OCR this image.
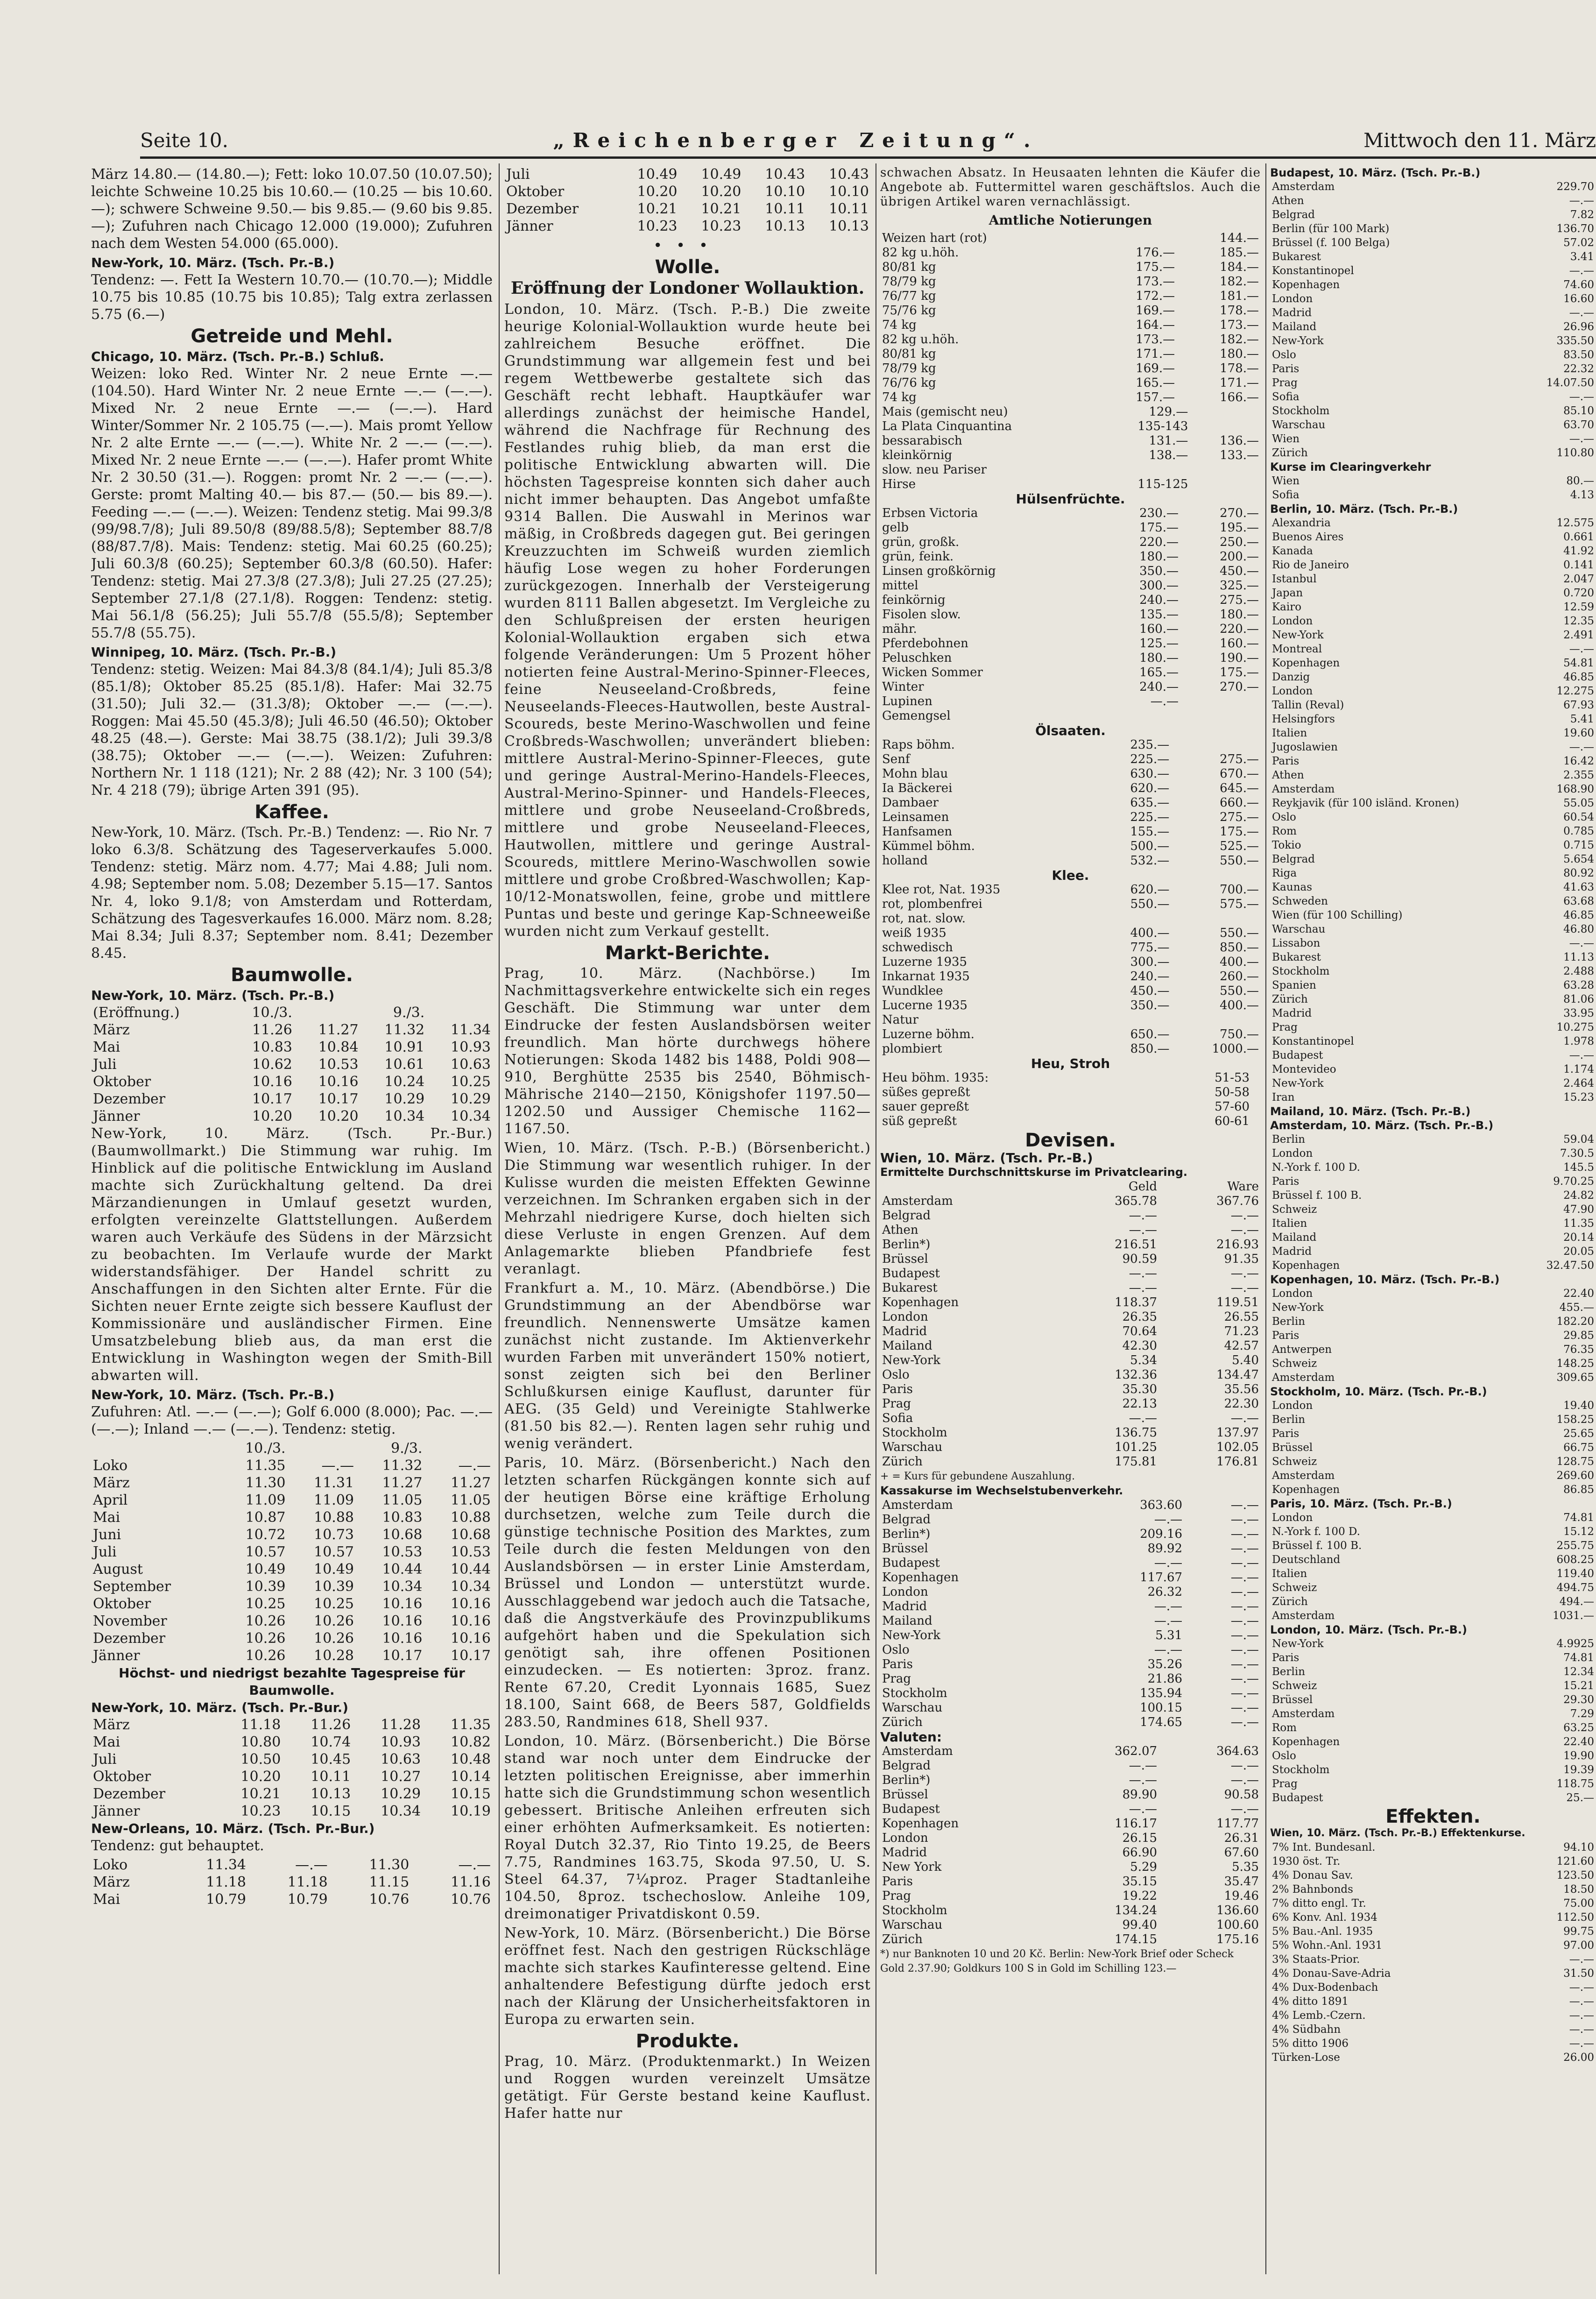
Seite 10.	„Reichenberger Zeitung“.	Mittwoch den 11. März

März 14.80.— (14.80.—); Fett: loko 10.07.50 (10.07.50); leichte Schweine 10.25 bis 10.60.— (10.25 — bis 10.60.—); schwere Schweine 9.50.— bis 9.85.— (9.60 bis 9.85.—); Zufuhren nach Chicago 12.000 (19.000); Zufuhren nach dem Westen 54.000 (65.000).

New-York, 10. März. (Tsch. Pr.-B.)

Tendenz: —. Fett Ia Western 10.70.— (10.70.—); Middle 10.75 bis 10.85 (10.75 bis 10.85); Talg extra zerlassen 5.75 (6.—)

Getreide und Mehl.
Chicago, 10. März. (Tsch. Pr.-B.) Schluß.

Weizen: loko Red. Winter Nr. 2 neue Ernte —.— (104.50). Hard Winter Nr. 2 neue Ernte —.— (—.—). Mixed Nr. 2 neue Ernte —.— (—.—). Hard Winter/Sommer Nr. 2 105.75 (—.—). Mais promt Yellow Nr. 2 alte Ernte —.— (—.—). White Nr. 2 —.— (—.—). Mixed Nr. 2 neue Ernte —.— (—.—). Hafer promt White Nr. 2 30.50 (31.—). Roggen: promt Nr. 2 —.— (—.—). Gerste: promt Malting 40.— bis 87.— (50.— bis 89.—). Feeding —.— (—.—). Weizen: Tendenz stetig. Mai 99.3/8 (99/98.7/8); Juli 89.50/8 (89/88.5/8); September 88.7/8 (88/87.7/8). Mais: Tendenz: stetig. Mai 60.25 (60.25); Juli 60.3/8 (60.25); September 60.3/8 (60.50). Hafer: Tendenz: stetig. Mai 27.3/8 (27.3/8); Juli 27.25 (27.25); September 27.1/8 (27.1/8). Roggen: Tendenz: stetig. Mai 56.1/8 (56.25); Juli 55.7/8 (55.5/8); September 55.7/8 (55.75).

Winnipeg, 10. März. (Tsch. Pr.-B.)

Tendenz: stetig. Weizen: Mai 84.3/8 (84.1/4); Juli 85.3/8 (85.1/8); Oktober 85.25 (85.1/8). Hafer: Mai 32.75 (31.50); Juli 32.— (31.3/8); Oktober —.— (—.—). Roggen: Mai 45.50 (45.3/8); Juli 46.50 (46.50); Oktober 48.25 (48.—). Gerste: Mai 38.75 (38.1/2); Juli 39.3/8 (38.75); Oktober —.— (—.—). Weizen: Zufuhren: Northern Nr. 1 118 (121); Nr. 2 88 (42); Nr. 3 100 (54); Nr. 4 218 (79); übrige Arten 391 (95).

Kaffee.

New-York, 10. März. (Tsch. Pr.-B.) Tendenz: —. Rio Nr. 7 loko 6.3/8. Schätzung des Tageserverkaufes 5.000. Tendenz: stetig. März nom. 4.77; Mai 4.88; Juli nom. 4.98; September nom. 5.08; Dezember 5.15—17. Santos Nr. 4, loko 9.1/8; von Amsterdam und Rotterdam, Schätzung des Tagesverkaufes 16.000. März nom. 8.28; Mai 8.34; Juli 8.37; September nom. 8.41; Dezember 8.45.

Baumwolle.
New-York, 10. März. (Tsch. Pr.-B.)
(Eröffnung.)	10./3.		9./3.	
März	11.26	11.27	11.32	11.34
Mai	10.83	10.84	10.91	10.93
Juli	10.62	10.53	10.61	10.63
Oktober	10.16	10.16	10.24	10.25
Dezember	10.17	10.17	10.29	10.29
Jänner	10.20	10.20	10.34	10.34

New-York, 10. März. (Tsch. Pr.-Bur.) (Baumwollmarkt.) Die Stimmung war ruhig. Im Hinblick auf die politische Entwicklung im Ausland machte sich Zurückhaltung geltend. Da drei Märzandienungen in Umlauf gesetzt wurden, erfolgten vereinzelte Glattstellungen. Außerdem waren auch Verkäufe des Südens in der Märzsicht zu beobachten. Im Verlaufe wurde der Markt widerstandsfähiger. Der Handel schritt zu Anschaffungen in den Sichten alter Ernte. Für die Sichten neuer Ernte zeigte sich bessere Kauflust der Kommissionäre und ausländischer Firmen. Eine Umsatzbelebung blieb aus, da man erst die Entwicklung in Washington wegen der Smith-Bill abwarten will.

New-York, 10. März. (Tsch. Pr.-B.)

Zufuhren: Atl. —.— (—.—); Golf 6.000 (8.000); Pac. —.— (—.—); Inland —.— (—.—). Tendenz: stetig.

	10./3.		9./3.	
Loko	11.35	—.—	11.32	—.—
März	11.30	11.31	11.27	11.27
April	11.09	11.09	11.05	11.05
Mai	10.87	10.88	10.83	10.88
Juni	10.72	10.73	10.68	10.68
Juli	10.57	10.57	10.53	10.53
August	10.49	10.49	10.44	10.44
September	10.39	10.39	10.34	10.34
Oktober	10.25	10.25	10.16	10.16
November	10.26	10.26	10.16	10.16
Dezember	10.26	10.26	10.16	10.16
Jänner	10.26	10.28	10.17	10.17
Höchst- und niedrigst bezahlte Tagespreise für Baumwolle.
New-York, 10. März. (Tsch. Pr.-Bur.)
März	11.18	11.26	11.28	11.35
Mai	10.80	10.74	10.93	10.82
Juli	10.50	10.45	10.63	10.48
Oktober	10.20	10.11	10.27	10.14
Dezember	10.21	10.13	10.29	10.15
Jänner	10.23	10.15	10.34	10.19
New-Orleans, 10. März. (Tsch. Pr.-Bur.)

Tendenz: gut behauptet.

Loko	11.34	—.—	11.30	—.—
März	11.18	11.18	11.15	11.16
Mai	10.79	10.79	10.76	10.76
Juli	10.49	10.49	10.43	10.43
Oktober	10.20	10.20	10.10	10.10
Dezember	10.21	10.21	10.11	10.11
Jänner	10.23	10.23	10.13	10.13
•••
Wolle.
Eröffnung der Londoner Wollauktion.

London, 10. März. (Tsch. P.-B.) Die zweite heurige Kolonial-Wollauktion wurde heute bei zahlreichem Besuche eröffnet. Die Grundstimmung war allgemein fest und bei regem Wettbewerbe gestaltete sich das Geschäft recht lebhaft. Hauptkäufer war allerdings zunächst der heimische Handel, während die Nachfrage für Rechnung des Festlandes ruhig blieb, da man erst die politische Entwicklung abwarten will. Die höchsten Tagespreise konnten sich daher auch nicht immer behaupten. Das Angebot umfaßte 9314 Ballen. Die Auswahl in Merinos war mäßig, in Croßbreds dagegen gut. Bei geringen Kreuzzuchten im Schweiß wurden ziemlich häufig Lose wegen zu hoher Forderungen zurückgezogen. Innerhalb der Versteigerung wurden 8111 Ballen abgesetzt. Im Vergleiche zu den Schlußpreisen der ersten heurigen Kolonial-Wollauktion ergaben sich etwa folgende Veränderungen: Um 5 Prozent höher notierten feine Austral-Merino-Spinner-Fleeces, feine Neuseeland-Croßbreds, feine Neuseelands-Fleeces-Hautwollen, beste Austral-Scoureds, beste Merino-Waschwollen und feine Croßbreds-Waschwollen; unverändert blieben: mittlere Austral-Merino-Spinner-Fleeces, gute und geringe Austral-Merino-Handels-Fleeces, Austral-Merino-Spinner- und Handels-Fleeces, mittlere und grobe Neuseeland-Croßbreds, mittlere und grobe Neuseeland-Fleeces, Hautwollen, mittlere und geringe Austral-Scoureds, mittlere Merino-Waschwollen sowie mittlere und grobe Croßbred-Waschwollen; Kap-10/12-Monatswollen, feine, grobe und mittlere Puntas und beste und geringe Kap-Schneeweiße wurden nicht zum Verkauf gestellt.

Markt-Berichte.

Prag, 10. März. (Nachbörse.) Im Nachmittagsverkehre entwickelte sich ein reges Geschäft. Die Stimmung war unter dem Eindrucke der festen Auslandsbörsen weiter freundlich. Man hörte durchwegs höhere Notierungen: Skoda 1482 bis 1488, Poldi 908—910, Berghütte 2535 bis 2540, Böhmisch-Mährische 2140—2150, Königshofer 1197.50—1202.50 und Aussiger Chemische 1162—1167.50.

Wien, 10. März. (Tsch. P.-B.) (Börsenbericht.) Die Stimmung war wesentlich ruhiger. In der Kulisse wurden die meisten Effekten Gewinne verzeichnen. Im Schranken ergaben sich in der Mehrzahl niedrigere Kurse, doch hielten sich diese Verluste in engen Grenzen. Auf dem Anlagemarkte blieben Pfandbriefe fest veranlagt.

Frankfurt a. M., 10. März. (Abendbörse.) Die Grundstimmung an der Abendbörse war freundlich. Nennenswerte Umsätze kamen zunächst nicht zustande. Im Aktienverkehr wurden Farben mit unverändert 150% notiert, sonst zeigten sich bei den Berliner Schlußkursen einige Kauflust, darunter für AEG. (35 Geld) und Vereinigte Stahlwerke (81.50 bis 82.—). Renten lagen sehr ruhig und wenig verändert.

Paris, 10. März. (Börsenbericht.) Nach den letzten scharfen Rückgängen konnte sich auf der heutigen Börse eine kräftige Erholung durchsetzen, welche zum Teile durch die günstige technische Position des Marktes, zum Teile durch die festen Meldungen von den Auslandsbörsen — in erster Linie Amsterdam, Brüssel und London — unterstützt wurde. Ausschlaggebend war jedoch auch die Tatsache, daß die Angstverkäufe des Provinzpublikums aufgehört haben und die Spekulation sich genötigt sah, ihre offenen Positionen einzudecken. — Es notierten: 3proz. franz. Rente 67.20, Credit Lyonnais 1685, Suez 18.100, Saint 668, de Beers 587, Goldfields 283.50, Randmines 618, Shell 937.

London, 10. März. (Börsenbericht.) Die Börse stand war noch unter dem Eindrucke der letzten politischen Ereignisse, aber immerhin hatte sich die Grundstimmung schon wesentlich gebessert. Britische Anleihen erfreuten sich einer erhöhten Aufmerksamkeit. Es notierten: Royal Dutch 32.37, Rio Tinto 19.25, de Beers 7.75, Randmines 163.75, Skoda 97.50, U. S. Steel 64.37, 7¼proz. Prager Stadtanleihe 104.50, 8proz. tschechoslow. Anleihe 109, dreimonatiger Privatdiskont 0.59.

New-York, 10. März. (Börsenbericht.) Die Börse eröffnet fest. Nach den gestrigen Rückschläge machte sich starkes Kaufinteresse geltend. Eine anhaltendere Befestigung dürfte jedoch erst nach der Klärung der Unsicherheitsfaktoren in Europa zu erwarten sein.

Produkte.

Prag, 10. März. (Produktenmarkt.) In Weizen und Roggen wurden vereinzelt Umsätze getätigt. Für Gerste bestand keine Kauflust. Hafer hatte nur

schwachen Absatz. In Heusaaten lehnten die Käufer die Angebote ab. Futtermittel waren geschäftslos. Auch die übrigen Artikel waren vernachlässigt.

Amtliche Notierungen
Weizen hart (rot)		144.—
82 kg u.höh.	176.—	185.—
80/81 kg	175.—	184.—
78/79 kg	173.—	182.—
76/77 kg	172.—	181.—
75/76 kg	169.—	178.—
74 kg	164.—	173.—
82 kg u.höh.	173.—	182.—
80/81 kg	171.—	180.—
78/79 kg	169.—	178.—
76/76 kg	165.—	171.—
74 kg	157.—	166.—
Mais (gemischt neu)	129.—	
La Plata Cinquantina	135-143	
bessarabisch	131.—	136.—
kleinkörnig	138.—	133.—
slow. neu Pariser		
Hirse	115-125	
Hülsenfrüchte.
Erbsen Victoria	230.—	270.—
gelb	175.—	195.—
grün, großk.	220.—	250.—
grün, feink.	180.—	200.—
Linsen großkörnig	350.—	450.—
mittel	300.—	325.—
feinkörnig	240.—	275.—
Fisolen slow.	135.—	180.—
mähr.	160.—	220.—
Pferdebohnen	125.—	160.—
Peluschken	180.—	190.—
Wicken Sommer	165.—	175.—
Winter	240.—	270.—
Lupinen	—.—	
Gemengsel		
Ölsaaten.
Raps böhm.	235.—	
Senf	225.—	275.—
Mohn blau	630.—	670.—
Ia Bäckerei	620.—	645.—
Dambaer	635.—	660.—
Leinsamen	225.—	275.—
Hanfsamen	155.—	175.—
Kümmel böhm.	500.—	525.—
holland	532.—	550.—
Klee.
Klee rot, Nat. 1935	620.—	700.—
rot, plombenfrei	550.—	575.—
rot, nat. slow.		
weiß 1935	400.—	550.—
schwedisch	775.—	850.—
Luzerne 1935	300.—	400.—
Inkarnat 1935	240.—	260.—
Wundklee	450.—	550.—
Lucerne 1935	350.—	400.—
Natur		
Luzerne böhm.	650.—	750.—
plombiert	850.—	1000.—
Heu, Stroh
Heu böhm. 1935:	51-53	
süßes gepreßt	50-58	
sauer gepreßt	57-60	
süß gepreßt	60-61	
Devisen.
Wien, 10. März. (Tsch. Pr.-B.)
Ermittelte Durchschnittskurse im Privatclearing.
	Geld	Ware
Amsterdam	365.78	367.76
Belgrad	—.—	—.—
Athen	—.—	—.—
Berlin*)	216.51	216.93
Brüssel	90.59	91.35
Budapest	—.—	—.—
Bukarest	—.—	—.—
Kopenhagen	118.37	119.51
London	26.35	26.55
Madrid	70.64	71.23
Mailand	42.30	42.57
New-York	5.34	5.40
Oslo	132.36	134.47
Paris	35.30	35.56
Prag	22.13	22.30
Sofia	—.—	—.—
Stockholm	136.75	137.97
Warschau	101.25	102.05
Zürich	175.81	176.81
+ = Kurs für gebundene Auszahlung.
Kassakurse im Wechselstubenverkehr.
Amsterdam	363.60	—.—
Belgrad	—.—	—.—
Berlin*)	209.16	—.—
Brüssel	89.92	—.—
Budapest	—.—	—.—
Kopenhagen	117.67	—.—
London	26.32	—.—
Madrid	—.—	—.—
Mailand	—.—	—.—
New-York	5.31	—.—
Oslo	—.—	—.—
Paris	35.26	—.—
Prag	21.86	—.—
Stockholm	135.94	—.—
Warschau	100.15	—.—
Zürich	174.65	—.—
Valuten:
Amsterdam	362.07	364.63
Belgrad	—.—	—.—
Berlin*)	—.—	—.—
Brüssel	89.90	90.58
Budapest	—.—	—.—
Kopenhagen	116.17	117.77
London	26.15	26.31
Madrid	66.90	67.60
New York	5.29	5.35
Paris	35.15	35.47
Prag	19.22	19.46
Stockholm	134.24	136.60
Warschau	99.40	100.60
Zürich	174.15	175.16
*) nur Banknoten 10 und 20 Kč. Berlin: New-York Brief oder Scheck Gold 2.37.90; Goldkurs 100 S in Gold im Schilling 123.—
Budapest, 10. März. (Tsch. Pr.-B.)
Amsterdam	229.70
Athen	—.—
Belgrad	7.82
Berlin (für 100 Mark)	136.70
Brüssel (f. 100 Belga)	57.02
Bukarest	3.41
Konstantinopel	—.—
Kopenhagen	74.60
London	16.60
Madrid	—.—
Mailand	26.96
New-York	335.50
Oslo	83.50
Paris	22.32
Prag	14.07.50
Sofia	—.—
Stockholm	85.10
Warschau	63.70
Wien	—.—
Zürich	110.80
Kurse im Clearingverkehr
Wien	80.—
Sofia	4.13
Berlin, 10. März. (Tsch. Pr.-B.)
Alexandria	12.575
Buenos Aires	0.661
Kanada	41.92
Rio de Janeiro	0.141
Istanbul	2.047
Japan	0.720
Kairo	12.59
London	12.35
New-York	2.491
Montreal	—.—
Kopenhagen	54.81
Danzig	46.85
London	12.275
Tallin (Reval)	67.93
Helsingfors	5.41
Italien	19.60
Jugoslawien	—.—
Paris	16.42
Athen	2.355
Amsterdam	168.90
Reykjavik (für 100 isländ. Kronen)	55.05
Oslo	60.54
Rom	0.785
Tokio	0.715
Belgrad	5.654
Riga	80.92
Kaunas	41.63
Schweden	63.68
Wien (für 100 Schilling)	46.85
Warschau	46.80
Lissabon	—.—
Bukarest	11.13
Stockholm	2.488
Spanien	63.28
Zürich	81.06
Madrid	33.95
Prag	10.275
Konstantinopel	1.978
Budapest	—.—
Montevideo	1.174
New-York	2.464
Iran	15.23
Mailand, 10. März. (Tsch. Pr.-B.)
Amsterdam, 10. März. (Tsch. Pr.-B.)
Berlin	59.04
London	7.30.5
N.-York f. 100 D.	145.5
Paris	9.70.25
Brüssel f. 100 B.	24.82
Schweiz	47.90
Italien	11.35
Mailand	20.14
Madrid	20.05
Kopenhagen	32.47.50
Kopenhagen, 10. März. (Tsch. Pr.-B.)
London	22.40
New-York	455.—
Berlin	182.20
Paris	29.85
Antwerpen	76.35
Schweiz	148.25
Amsterdam	309.65
Stockholm, 10. März. (Tsch. Pr.-B.)
London	19.40
Berlin	158.25
Paris	25.65
Brüssel	66.75
Schweiz	128.75
Amsterdam	269.60
Kopenhagen	86.85
Paris, 10. März. (Tsch. Pr.-B.)
London	74.81
N.-York f. 100 D.	15.12
Brüssel f. 100 B.	255.75
Deutschland	608.25
Italien	119.40
Schweiz	494.75
Zürich	494.—
Amsterdam	1031.—
London, 10. März. (Tsch. Pr.-B.)
New-York	4.9925
Paris	74.81
Berlin	12.34
Schweiz	15.21
Brüssel	29.30
Amsterdam	7.29
Rom	63.25
Kopenhagen	22.40
Oslo	19.90
Stockholm	19.39
Prag	118.75
Budapest	25.—
Effekten.
Wien, 10. März. (Tsch. Pr.-B.) Effektenkurse.
7% Int. Bundesanl.	94.10
1930 öst. Tr.	121.60
4% Donau Sav.	123.50
2% Bahnbonds	18.50
7% ditto engl. Tr.	75.00
6% Konv. Anl. 1934	112.50
5% Bau.-Anl. 1935	99.75
5% Wohn.-Anl. 1931	97.00
3% Staats-Prior.	—.—
4% Donau-Save-Adria	31.50
4% Dux-Bodenbach	—.—
4% ditto 1891	—.—
4% Lemb.-Czern.	—.—
4% Südbahn	—.—
5% ditto 1906	—.—
Türken-Lose	26.00
